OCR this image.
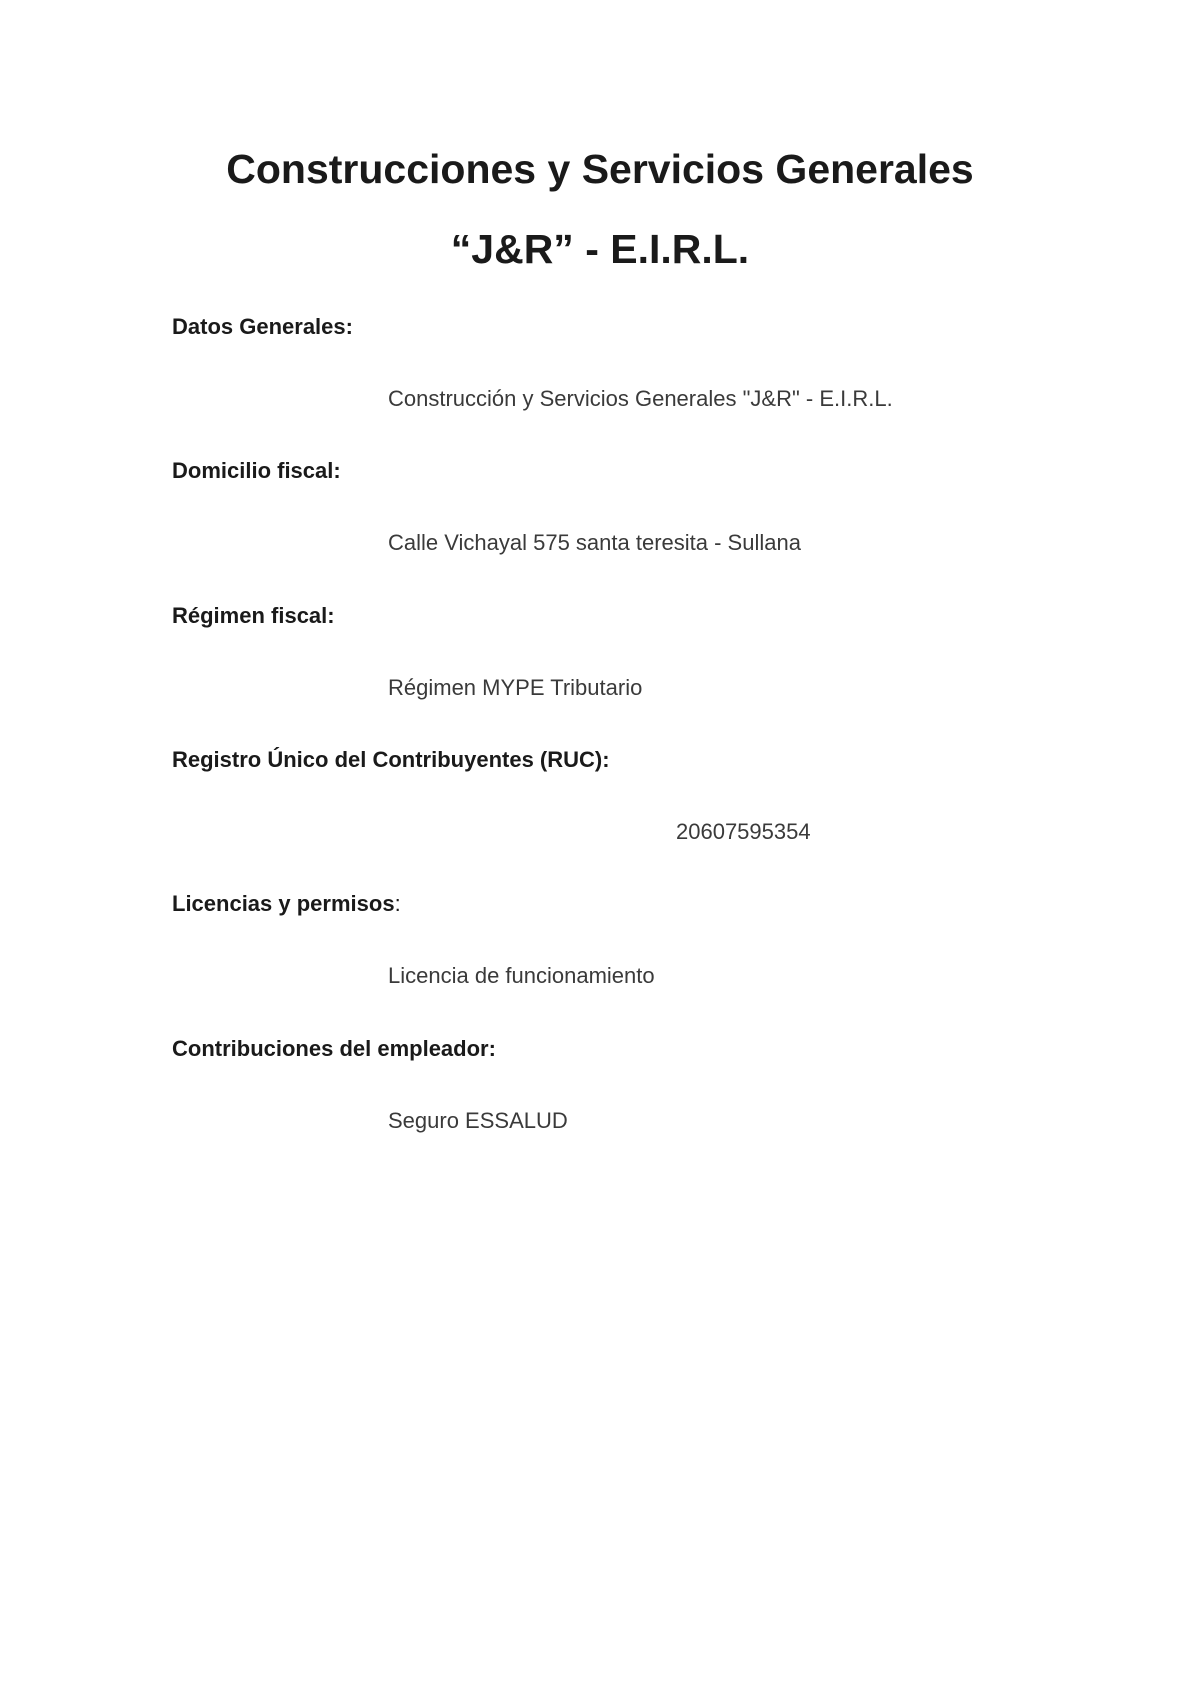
Construcciones y Servicios Generales
“J&R” - E.I.R.L.
Datos Generales:
Construcción y Servicios Generales "J&R" - E.I.R.L.
Domicilio fiscal:
Calle Vichayal 575 santa teresita - Sullana
Régimen fiscal:
Régimen MYPE Tributario
Registro Único del Contribuyentes (RUC):
20607595354
Licencias y permisos:
Licencia de funcionamiento
Contribuciones del empleador:
Seguro ESSALUD
